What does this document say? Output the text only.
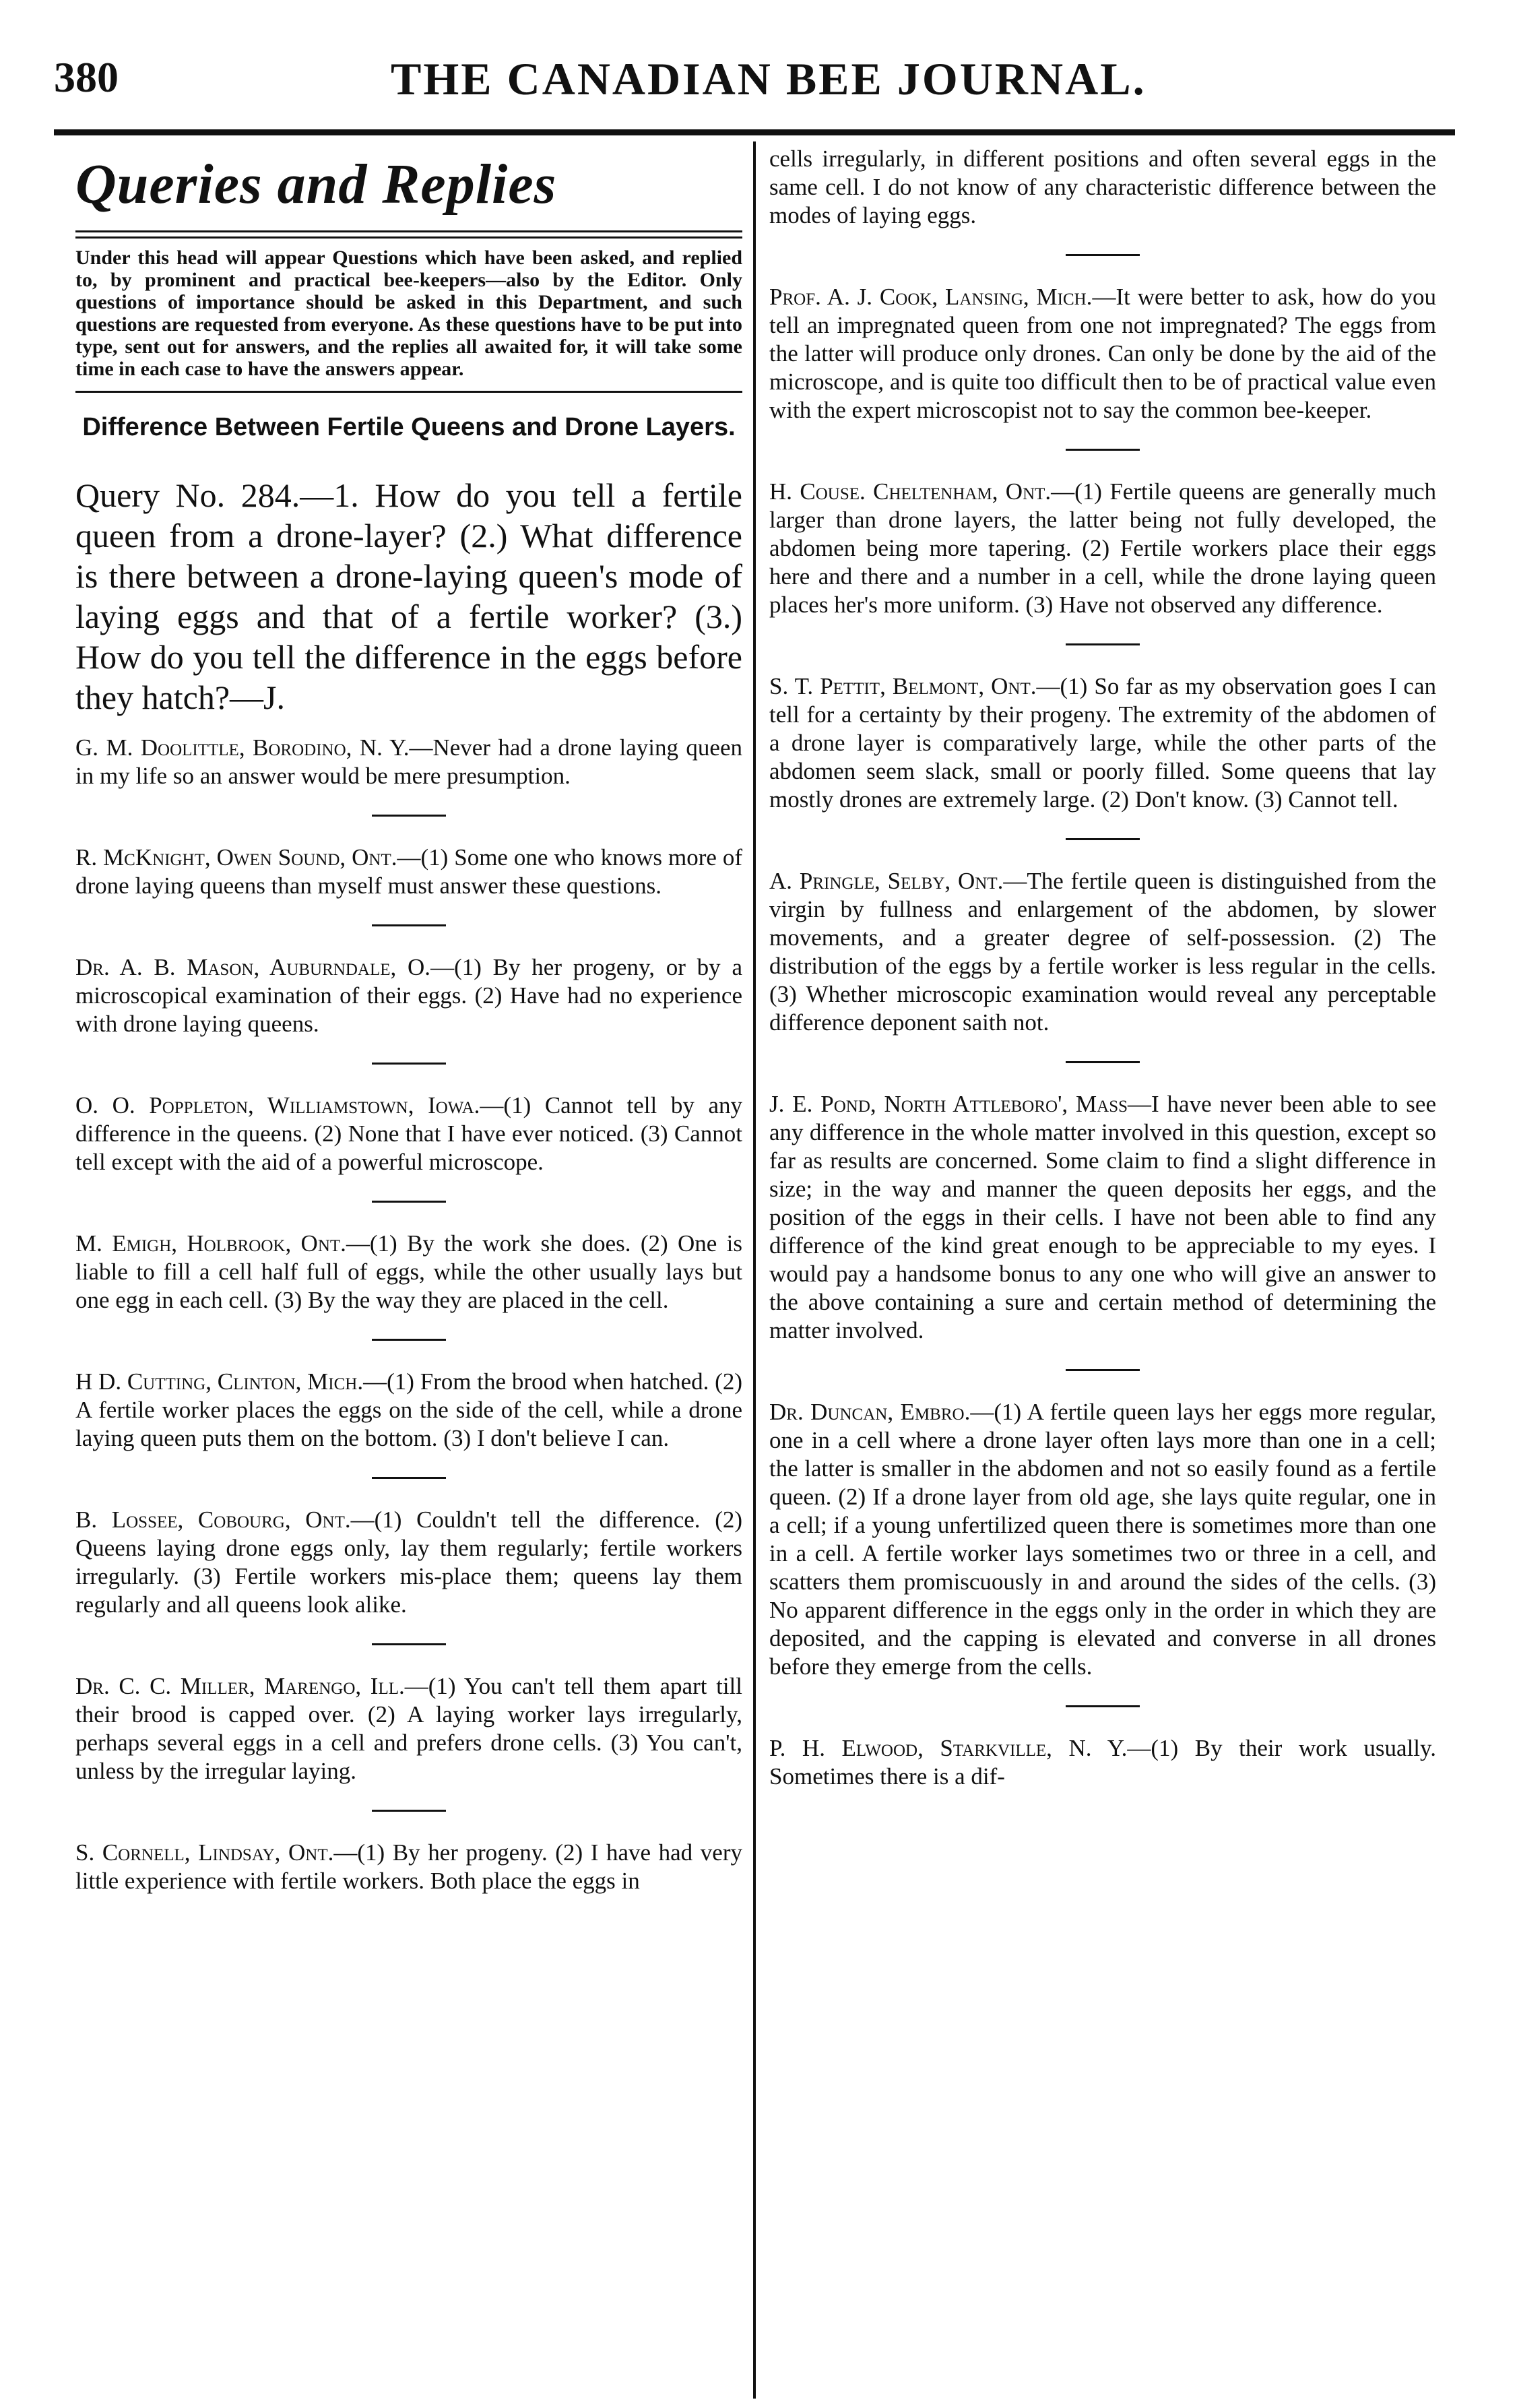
380	THE CANADIAN BEE JOURNAL.
Queries and Replies

Under this head will appear Questions which have been asked, and replied to, by prominent and practical bee-keepers—also by the Editor. Only questions of importance should be asked in this Department, and such questions are requested from everyone. As these questions have to be put into type, sent out for answers, and the replies all awaited for, it will take some time in each case to have the answers appear.

Difference Between Fertile Queens and Drone Layers.

Query No. 284.—1. How do you tell a fertile queen from a drone-layer? (2.) What difference is there between a drone-laying queen's mode of laying eggs and that of a fertile worker? (3.) How do you tell the difference in the eggs before they hatch?—J.

G. M. Doolittle, Borodino, N. Y.—Never had a drone laying queen in my life so an answer would be mere presumption.

R. McKnight, Owen Sound, Ont.—(1) Some one who knows more of drone laying queens than myself must answer these questions.

Dr. A. B. Mason, Auburndale, O.—(1) By her progeny, or by a microscopical examination of their eggs. (2) Have had no experience with drone laying queens.

O. O. Poppleton, Williamstown, Iowa.—(1) Cannot tell by any difference in the queens. (2) None that I have ever noticed. (3) Cannot tell except with the aid of a powerful microscope.

M. Emigh, Holbrook, Ont.—(1) By the work she does. (2) One is liable to fill a cell half full of eggs, while the other usually lays but one egg in each cell. (3) By the way they are placed in the cell.

H D. Cutting, Clinton, Mich.—(1) From the brood when hatched. (2) A fertile worker places the eggs on the side of the cell, while a drone laying queen puts them on the bottom. (3) I don't believe I can.

B. Lossee, Cobourg, Ont.—(1) Couldn't tell the difference. (2) Queens laying drone eggs only, lay them regularly; fertile workers irregularly. (3) Fertile workers mis-place them; queens lay them regularly and all queens look alike.

Dr. C. C. Miller, Marengo, Ill.—(1) You can't tell them apart till their brood is capped over. (2) A laying worker lays irregularly, perhaps several eggs in a cell and prefers drone cells. (3) You can't, unless by the irregular laying.

S. Cornell, Lindsay, Ont.—(1) By her progeny. (2) I have had very little experience with fertile workers. Both place the eggs in

cells irregularly, in different positions and often several eggs in the same cell. I do not know of any characteristic difference between the modes of laying eggs.

Prof. A. J. Cook, Lansing, Mich.—It were better to ask, how do you tell an impregnated queen from one not impregnated? The eggs from the latter will produce only drones. Can only be done by the aid of the microscope, and is quite too difficult then to be of practical value even with the expert microscopist not to say the common bee-keeper.

H. Couse. Cheltenham, Ont.—(1) Fertile queens are generally much larger than drone layers, the latter being not fully developed, the abdomen being more tapering. (2) Fertile workers place their eggs here and there and a number in a cell, while the drone laying queen places her's more uniform. (3) Have not observed any difference.

S. T. Pettit, Belmont, Ont.—(1) So far as my observation goes I can tell for a certainty by their progeny. The extremity of the abdomen of a drone layer is comparatively large, while the other parts of the abdomen seem slack, small or poorly filled. Some queens that lay mostly drones are extremely large. (2) Don't know. (3) Cannot tell.

A. Pringle, Selby, Ont.—The fertile queen is distinguished from the virgin by fullness and enlargement of the abdomen, by slower movements, and a greater degree of self-possession. (2) The distribution of the eggs by a fertile worker is less regular in the cells. (3) Whether microscopic examination would reveal any perceptable difference deponent saith not.

J. E. Pond, North Attleboro', Mass—I have never been able to see any difference in the whole matter involved in this question, except so far as results are concerned. Some claim to find a slight difference in size; in the way and manner the queen deposits her eggs, and the position of the eggs in their cells. I have not been able to find any difference of the kind great enough to be appreciable to my eyes. I would pay a handsome bonus to any one who will give an answer to the above containing a sure and certain method of determining the matter involved.

Dr. Duncan, Embro.—(1) A fertile queen lays her eggs more regular, one in a cell where a drone layer often lays more than one in a cell; the latter is smaller in the abdomen and not so easily found as a fertile queen. (2) If a drone layer from old age, she lays quite regular, one in a cell; if a young unfertilized queen there is sometimes more than one in a cell. A fertile worker lays sometimes two or three in a cell, and scatters them promiscuously in and around the sides of the cells. (3) No apparent difference in the eggs only in the order in which they are deposited, and the capping is elevated and converse in all drones before they emerge from the cells.

P. H. Elwood, Starkville, N. Y.—(1) By their work usually. Sometimes there is a dif-
